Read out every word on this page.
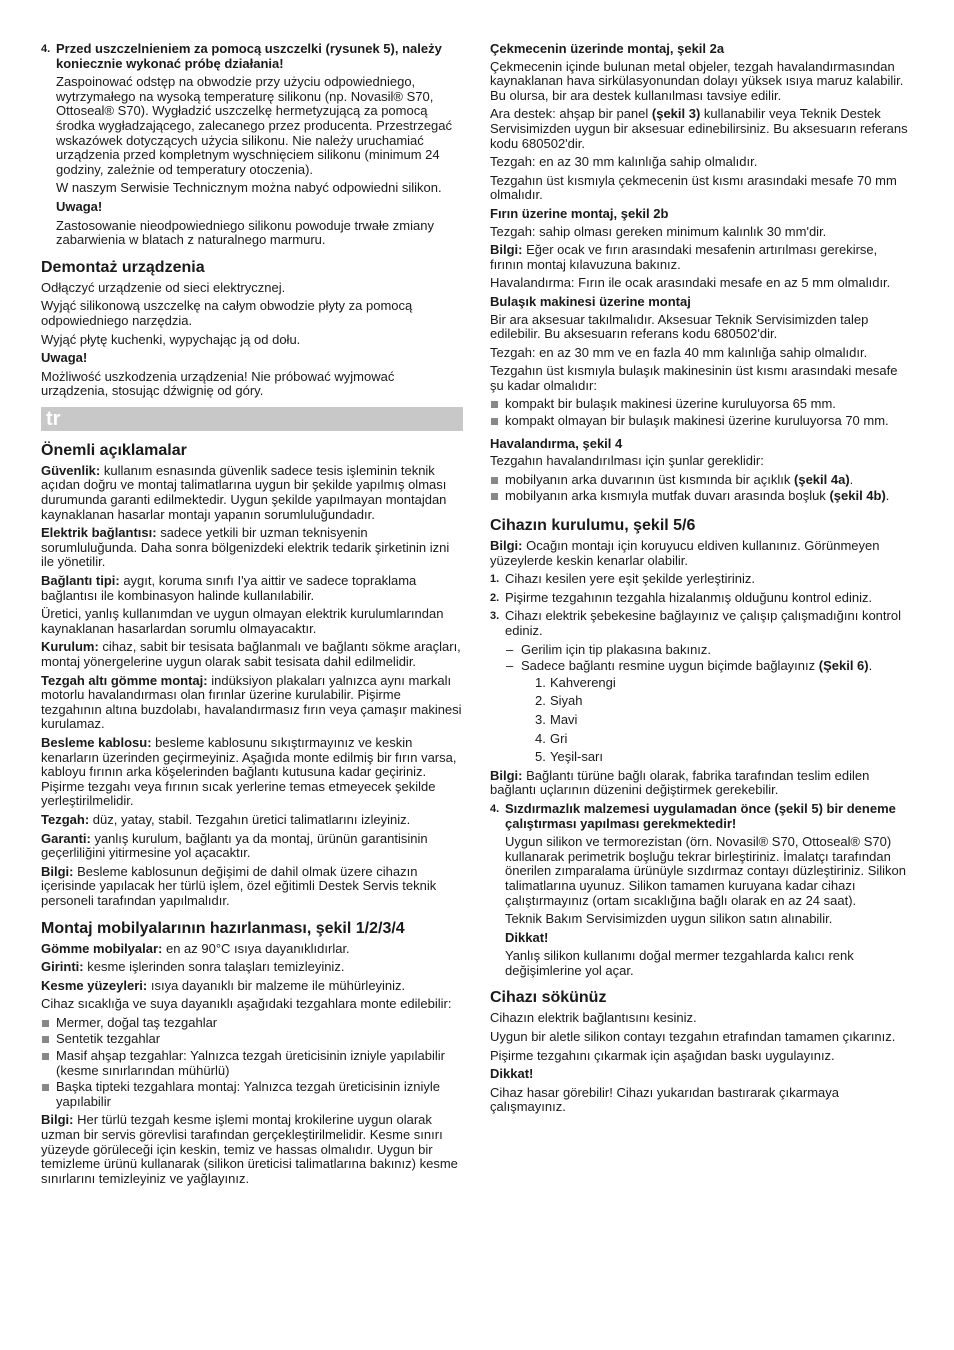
4. Przed uszczelnieniem za pomocą uszczelki (rysunek 5), należy koniecznie wykonać próbę działania!

Zaspoinować odstęp na obwodzie przy użyciu odpowiedniego, wytrzymałego na wysoką temperaturę silikonu (np. Novasil® S70, Ottoseal® S70). Wygładzić uszczelkę hermetyzującą za pomocą środka wygładzającego, zalecanego przez producenta. Przestrzegać wskazówek dotyczących użycia silikonu. Nie należy uruchamiać urządzenia przed kompletnym wyschnięciem silikonu (minimum 24 godziny, zależnie od temperatury otoczenia).

W naszym Serwisie Technicznym można nabyć odpowiedni silikon.

Uwaga!

Zastosowanie nieodpowiedniego silikonu powoduje trwałe zmiany zabarwienia w blatach z naturalnego marmuru.

Demontaż urządzenia

Odłączyć urządzenie od sieci elektrycznej.

Wyjąć silikonową uszczelkę na całym obwodzie płyty za pomocą odpowiedniego narzędzia.

Wyjąć płytę kuchenki, wypychając ją od dołu.

Uwaga!

Możliwość uszkodzenia urządzenia! Nie próbować wyjmować urządzenia, stosując dźwignię od góry.

tr
Önemli açıklamalar

Güvenlik: kullanım esnasında güvenlik sadece tesis işleminin teknik açıdan doğru ve montaj talimatlarına uygun bir şekilde yapılmış olması durumunda garanti edilmektedir. Uygun şekilde yapılmayan montajdan kaynaklanan hasarlar montajı yapanın sorumluluğundadır.

Elektrik bağlantısı: sadece yetkili bir uzman teknisyenin sorumluluğunda. Daha sonra bölgenizdeki elektrik tedarik şirketinin izni ile yönetilir.

Bağlantı tipi: aygıt, koruma sınıfı I'ya aittir ve sadece topraklama bağlantısı ile kombinasyon halinde kullanılabilir.

Üretici, yanlış kullanımdan ve uygun olmayan elektrik kurulumlarından kaynaklanan hasarlardan sorumlu olmayacaktır.

Kurulum: cihaz, sabit bir tesisata bağlanmalı ve bağlantı sökme araçları, montaj yönergelerine uygun olarak sabit tesisata dahil edilmelidir.

Tezgah altı gömme montaj: indüksiyon plakaları yalnızca aynı markalı motorlu havalandırması olan fırınlar üzerine kurulabilir. Pişirme tezgahının altına buzdolabı, havalandırmasız fırın veya çamaşır makinesi kurulamaz.

Besleme kablosu: besleme kablosunu sıkıştırmayınız ve keskin kenarların üzerinden geçirmeyiniz. Aşağıda monte edilmiş bir fırın varsa, kabloyu fırının arka köşelerinden bağlantı kutusuna kadar geçiriniz. Pişirme tezgahı veya fırının sıcak yerlerine temas etmeyecek şekilde yerleştirilmelidir.

Tezgah: düz, yatay, stabil. Tezgahın üretici talimatlarını izleyiniz.

Garanti: yanlış kurulum, bağlantı ya da montaj, ürünün garantisinin geçerliliğini yitirmesine yol açacaktır.

Bilgi: Besleme kablosunun değişimi de dahil olmak üzere cihazın içerisinde yapılacak her türlü işlem, özel eğitimli Destek Servis teknik personeli tarafından yapılmalıdır.

Montaj mobilyalarının hazırlanması, şekil 1/2/3/4

Gömme mobilyalar: en az 90°C ısıya dayanıklıdırlar.

Girinti: kesme işlerinden sonra talaşları temizleyiniz.

Kesme yüzeyleri: ısıya dayanıklı bir malzeme ile mühürleyiniz.

Cihaz sıcaklığa ve suya dayanıklı aşağıdaki tezgahlara monte edilebilir:

Mermer, doğal taş tezgahlar
Sentetik tezgahlar
Masif ahşap tezgahlar: Yalnızca tezgah üreticisinin izniyle yapılabilir (kesme sınırlarından mühürlü)
Başka tipteki tezgahlara montaj: Yalnızca tezgah üreticisinin izniyle yapılabilir

Bilgi: Her türlü tezgah kesme işlemi montaj krokilerine uygun olarak uzman bir servis görevlisi tarafından gerçekleştirilmelidir. Kesme sınırı yüzeyde görüleceği için keskin, temiz ve hassas olmalıdır. Uygun bir temizleme ürünü kullanarak (silikon üreticisi talimatlarına bakınız) kesme sınırlarını temizleyiniz ve yağlayınız.

Çekmecenin üzerinde montaj, şekil 2a

Çekmecenin içinde bulunan metal objeler, tezgah havalandırmasından kaynaklanan hava sirkülasyonundan dolayı yüksek ısıya maruz kalabilir. Bu olursa, bir ara destek kullanılması tavsiye edilir.

Ara destek: ahşap bir panel (şekil 3) kullanabilir veya Teknik Destek Servisimizden uygun bir aksesuar edinebilirsiniz. Bu aksesuarın referans kodu 680502'dir.

Tezgah: en az 30 mm kalınlığa sahip olmalıdır.

Tezgahın üst kısmıyla çekmecenin üst kısmı arasındaki mesafe 70 mm olmalıdır.

Fırın üzerine montaj, şekil 2b

Tezgah: sahip olması gereken minimum kalınlık 30 mm'dir.

Bilgi: Eğer ocak ve fırın arasındaki mesafenin artırılması gerekirse, fırının montaj kılavuzuna bakınız.

Havalandırma: Fırın ile ocak arasındaki mesafe en az 5 mm olmalıdır.

Bulaşık makinesi üzerine montaj

Bir ara aksesuar takılmalıdır. Aksesuar Teknik Servisimizden talep edilebilir. Bu aksesuarın referans kodu 680502'dir.

Tezgah: en az 30 mm ve en fazla 40 mm kalınlığa sahip olmalıdır.

Tezgahın üst kısmıyla bulaşık makinesinin üst kısmı arasındaki mesafe şu kadar olmalıdır:

kompakt bir bulaşık makinesi üzerine kuruluyorsa 65 mm.
kompakt olmayan bir bulaşık makinesi üzerine kuruluyorsa 70 mm.
Havalandırma, şekil 4

Tezgahın havalandırılması için şunlar gereklidir:

mobilyanın arka duvarının üst kısmında bir açıklık (şekil 4a).
mobilyanın arka kısmıyla mutfak duvarı arasında boşluk (şekil 4b).
Cihazın kurulumu, şekil 5/6

Bilgi: Ocağın montajı için koruyucu eldiven kullanınız. Görünmeyen yüzeylerde keskin kenarlar olabilir.

1. Cihazı kesilen yere eşit şekilde yerleştiriniz.
2. Pişirme tezgahının tezgahla hizalanmış olduğunu kontrol ediniz.
3. Cihazı elektrik şebekesine bağlayınız ve çalışıp çalışmadığını kontrol ediniz.
– Gerilim için tip plakasına bakınız.
– Sadece bağlantı resmine uygun biçimde bağlayınız (Şekil 6).
1. Kahverengi
2. Siyah
3. Mavi
4. Gri
5. Yeşil-sarı

Bilgi: Bağlantı türüne bağlı olarak, fabrika tarafından teslim edilen bağlantı uçlarının düzenini değiştirmek gerekebilir.

4. Sızdırmazlık malzemesi uygulamadan önce (şekil 5) bir deneme çalıştırması yapılması gerekmektedir!

Uygun silikon ve termorezistan (örn. Novasil® S70, Ottoseal® S70) kullanarak perimetrik boşluğu tekrar birleştiriniz. İmalatçı tarafından önerilen zımparalama ürünüyle sızdırmaz contayı düzleştiriniz. Silikon talimatlarına uyunuz. Silikon tamamen kuruyana kadar cihazı çalıştırmayınız (ortam sıcaklığına bağlı olarak en az 24 saat).

Teknik Bakım Servisimizden uygun silikon satın alınabilir.

Dikkat!

Yanlış silikon kullanımı doğal mermer tezgahlarda kalıcı renk değişimlerine yol açar.

Cihazı sökünüz

Cihazın elektrik bağlantısını kesiniz.

Uygun bir aletle silikon contayı tezgahın etrafından tamamen çıkarınız.

Pişirme tezgahını çıkarmak için aşağıdan baskı uygulayınız.

Dikkat!

Cihaz hasar görebilir! Cihazı yukarıdan bastırarak çıkarmaya çalışmayınız.
